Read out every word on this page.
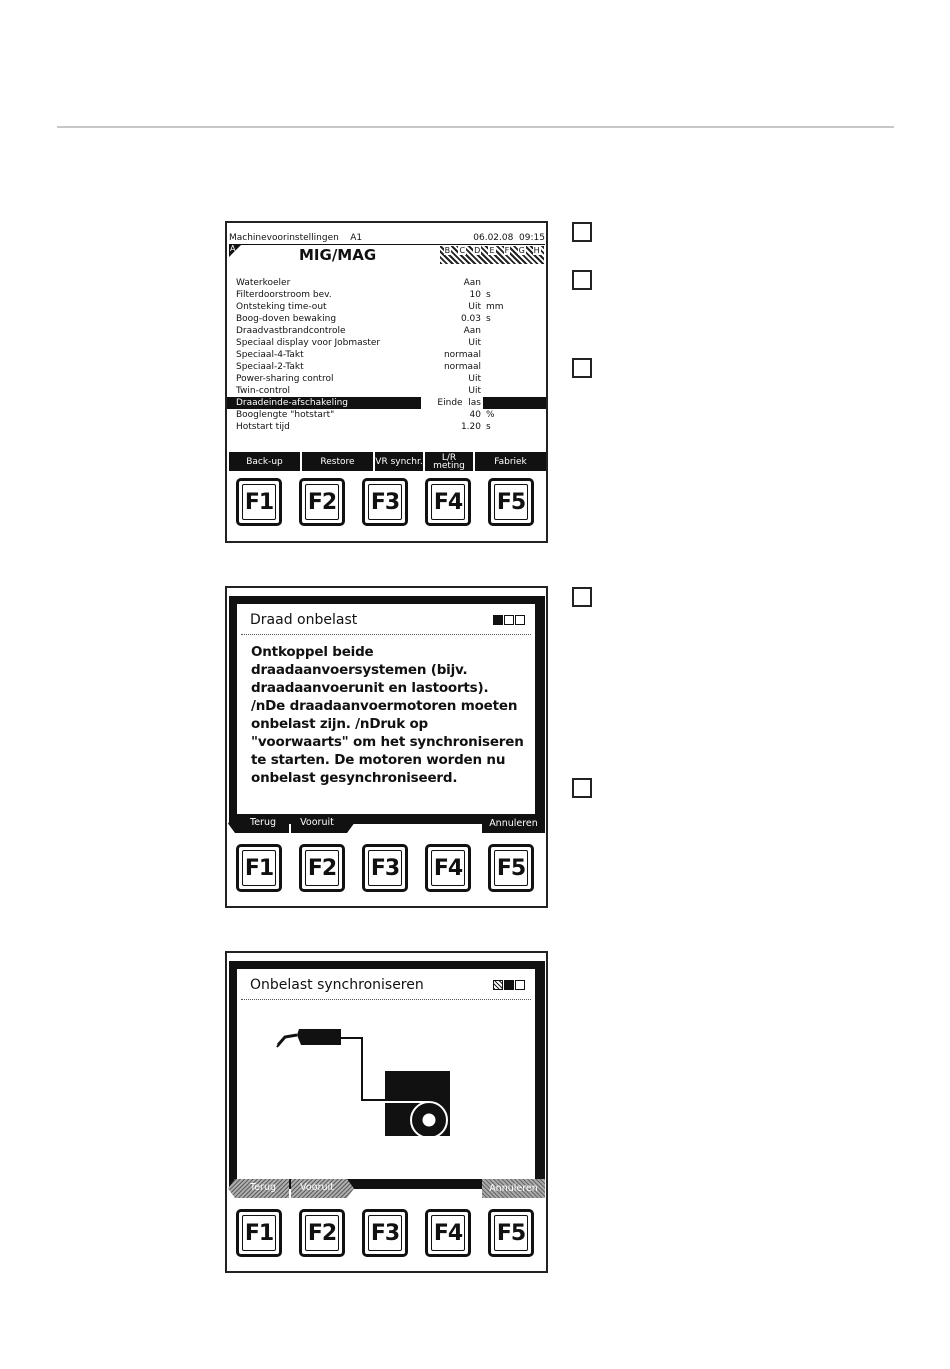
Machinevoorinstellingen    A1	06.02.08  09:15
A	MIG/MAG	B	C	D	E	F	G	H
Waterkoeler	Aan
Filterdoorstroom bev.	10 s
Ontsteking time-out	Uit mm
Boog-doven bewaking	0.03 s
Draadvastbrandcontrole	Aan
Speciaal display voor Jobmaster	Uit
Speciaal-4-Takt	normaal
Speciaal-2-Takt	normaal
Power-sharing control	Uit
Twin-control	Uit
Draadeinde-afschakeling	Einde  las
Booglengte "hotstart"	40 %
Hotstart tijd	1.20 s
Back-up	Restore	VR synchr.	L/R meting	Fabriek
F1	F2	F3	F4	F5
Draad onbelast
Ontkoppel beide draadaanvoersystemen (bijv. draadaanvoerunit en lastoorts). /nDe draadaanvoermotoren moeten onbelast zijn. /nDruk op "voorwaarts" om het synchroniseren te starten. De motoren worden nu onbelast gesynchroniseerd.
Terug	Vooruit	Annuleren
F1	F2	F3	F4	F5
Onbelast synchroniseren
Terug	Vooruit	Annuleren
F1	F2	F3	F4	F5
